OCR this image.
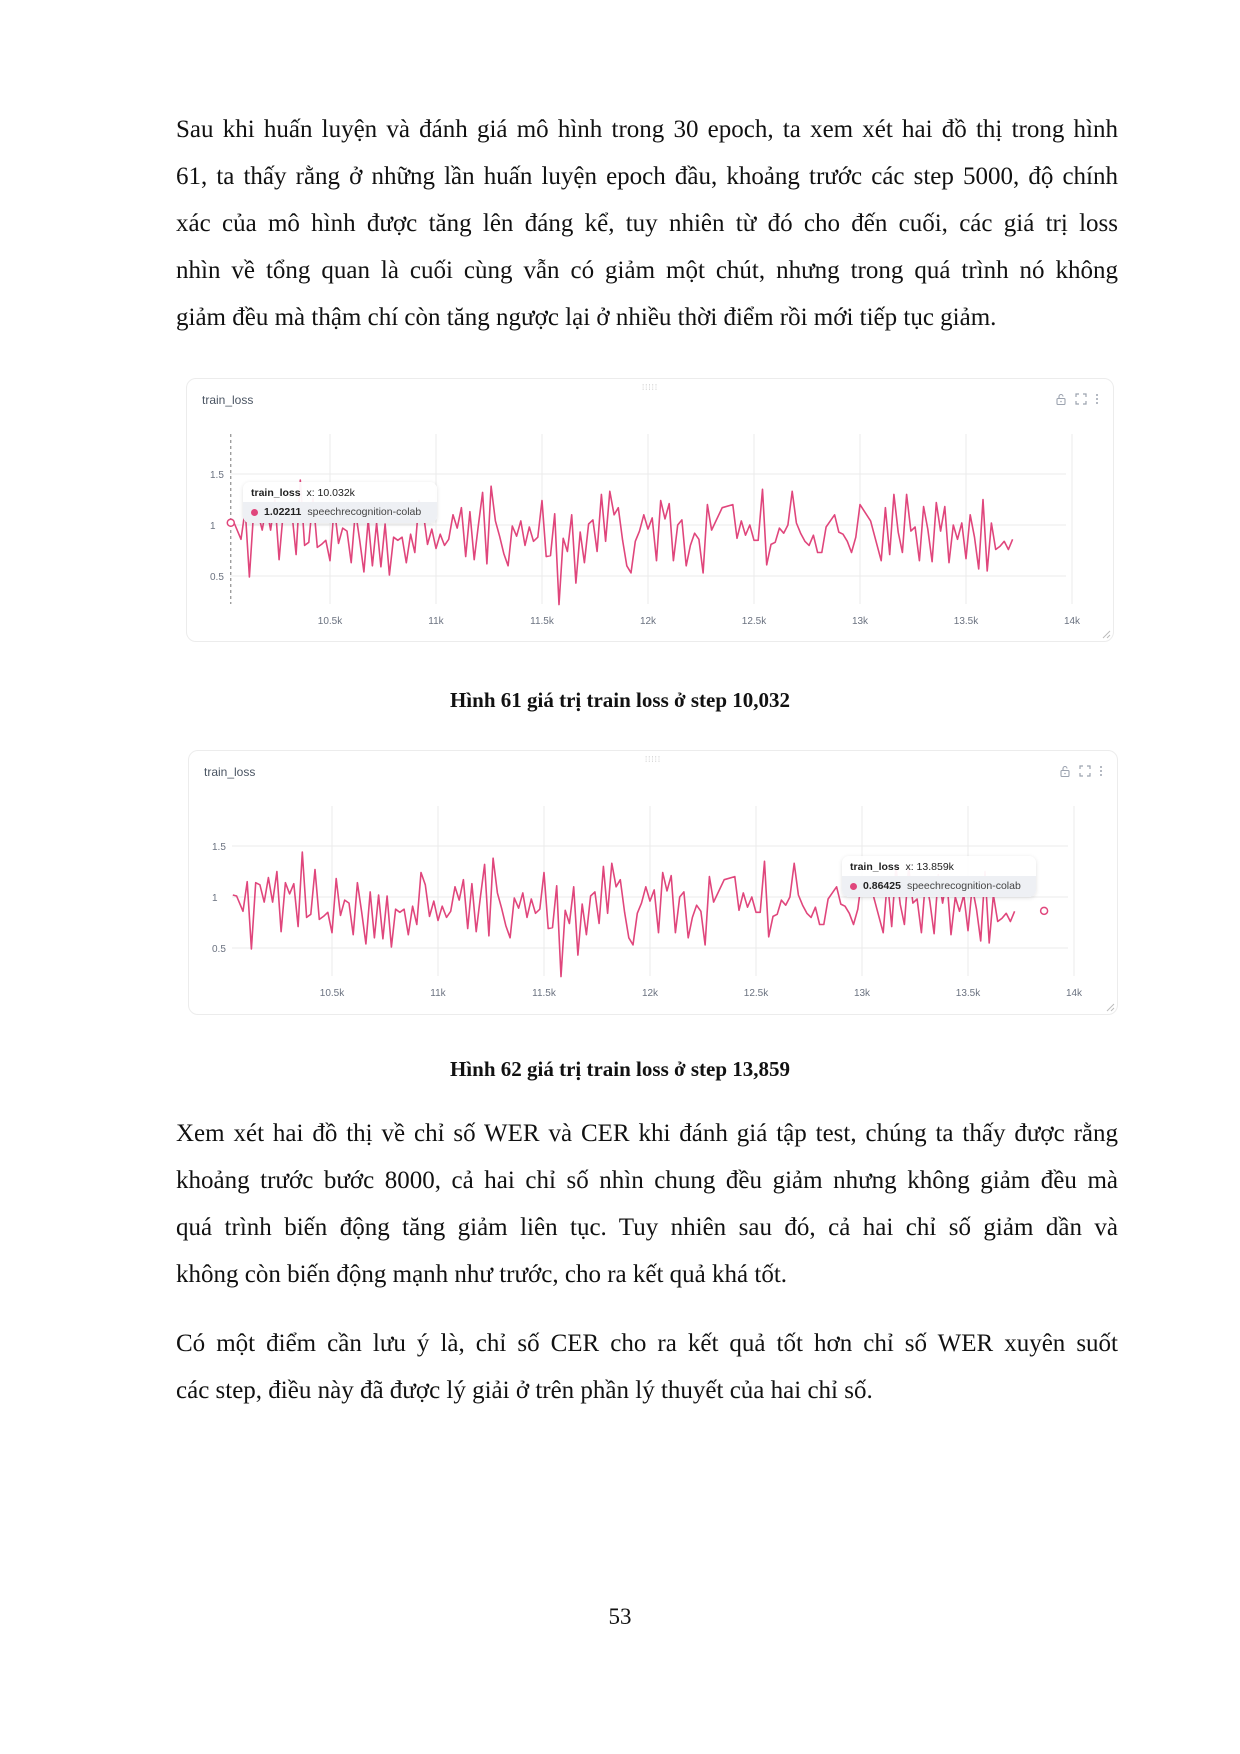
Sau khi huấn luyện và đánh giá mô hình trong 30 epoch, ta xem xét hai đồ thị trong hình
61, ta thấy rằng ở những lần huấn luyện epoch đầu, khoảng trước các step 5000, độ chính
xác của mô hình được tăng lên đáng kể, tuy nhiên từ đó cho đến cuối, các giá trị loss
nhìn về tổng quan là cuối cùng vẫn có giảm một chút, nhưng trong quá trình nó không
giảm đều mà thậm chí còn tăng ngược lại ở nhiều thời điểm rồi mới tiếp tục giảm.
⁞⁞⁞⁞⁞
train_loss
0.5
1
1.5
10.5k	11k	11.5k	12k	12.5k	13k	13.5k	14k
train_loss x: 10.032k
1.02211 speechrecognition-colab
Hình 61 giá trị train loss ở step 10,032
⁞⁞⁞⁞⁞
train_loss
0.5
1
1.5
10.5k	11k	11.5k	12k	12.5k	13k	13.5k	14k
train_loss x: 13.859k
0.86425 speechrecognition-colab
Hình 62 giá trị train loss ở step 13,859
Xem xét hai đồ thị về chỉ số WER và CER khi đánh giá tập test, chúng ta thấy được rằng
khoảng trước bước 8000, cả hai chỉ số nhìn chung đều giảm nhưng không giảm đều mà
quá trình biến động tăng giảm liên tục. Tuy nhiên sau đó, cả hai chỉ số giảm dần và
không còn biến động mạnh như trước, cho ra kết quả khá tốt.
Có một điểm cần lưu ý là, chỉ số CER cho ra kết quả tốt hơn chỉ số WER xuyên suốt
các step, điều này đã được lý giải ở trên phần lý thuyết của hai chỉ số.
53
